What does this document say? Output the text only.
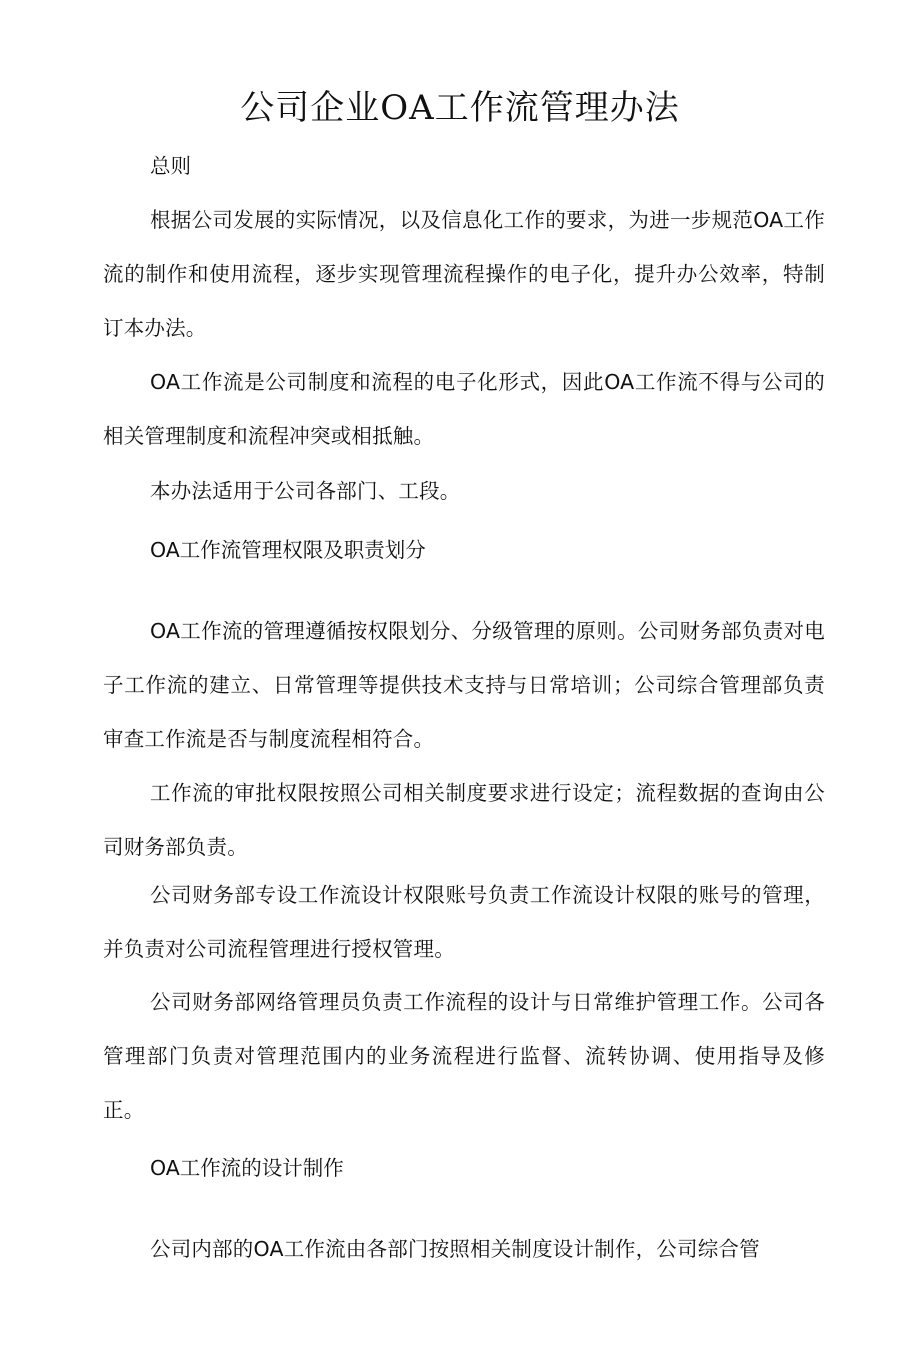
公司企业OA工作流管理办法
总则

根据公司发展的实际情况，以及信息化工作的要求，为进一步规范OA工作流的制作和使用流程，逐步实现管理流程操作的电子化，提升办公效率，特制订本办法。

OA工作流是公司制度和流程的电子化形式，因此OA工作流不得与公司的相关管理制度和流程冲突或相抵触。

本办法适用于公司各部门、工段。

OA工作流管理权限及职责划分

OA工作流的管理遵循按权限划分、分级管理的原则。公司财务部负责对电子工作流的建立、日常管理等提供技术支持与日常培训；公司综合管理部负责审查工作流是否与制度流程相符合。

工作流的审批权限按照公司相关制度要求进行设定；流程数据的查询由公司财务部负责。

公司财务部专设工作流设计权限账号负责工作流设计权限的账号的管理，并负责对公司流程管理进行授权管理。

公司财务部网络管理员负责工作流程的设计与日常维护管理工作。公司各管理部门负责对管理范围内的业务流程进行监督、流转协调、使用指导及修正。

OA工作流的设计制作

公司内部的OA工作流由各部门按照相关制度设计制作，公司综合管
